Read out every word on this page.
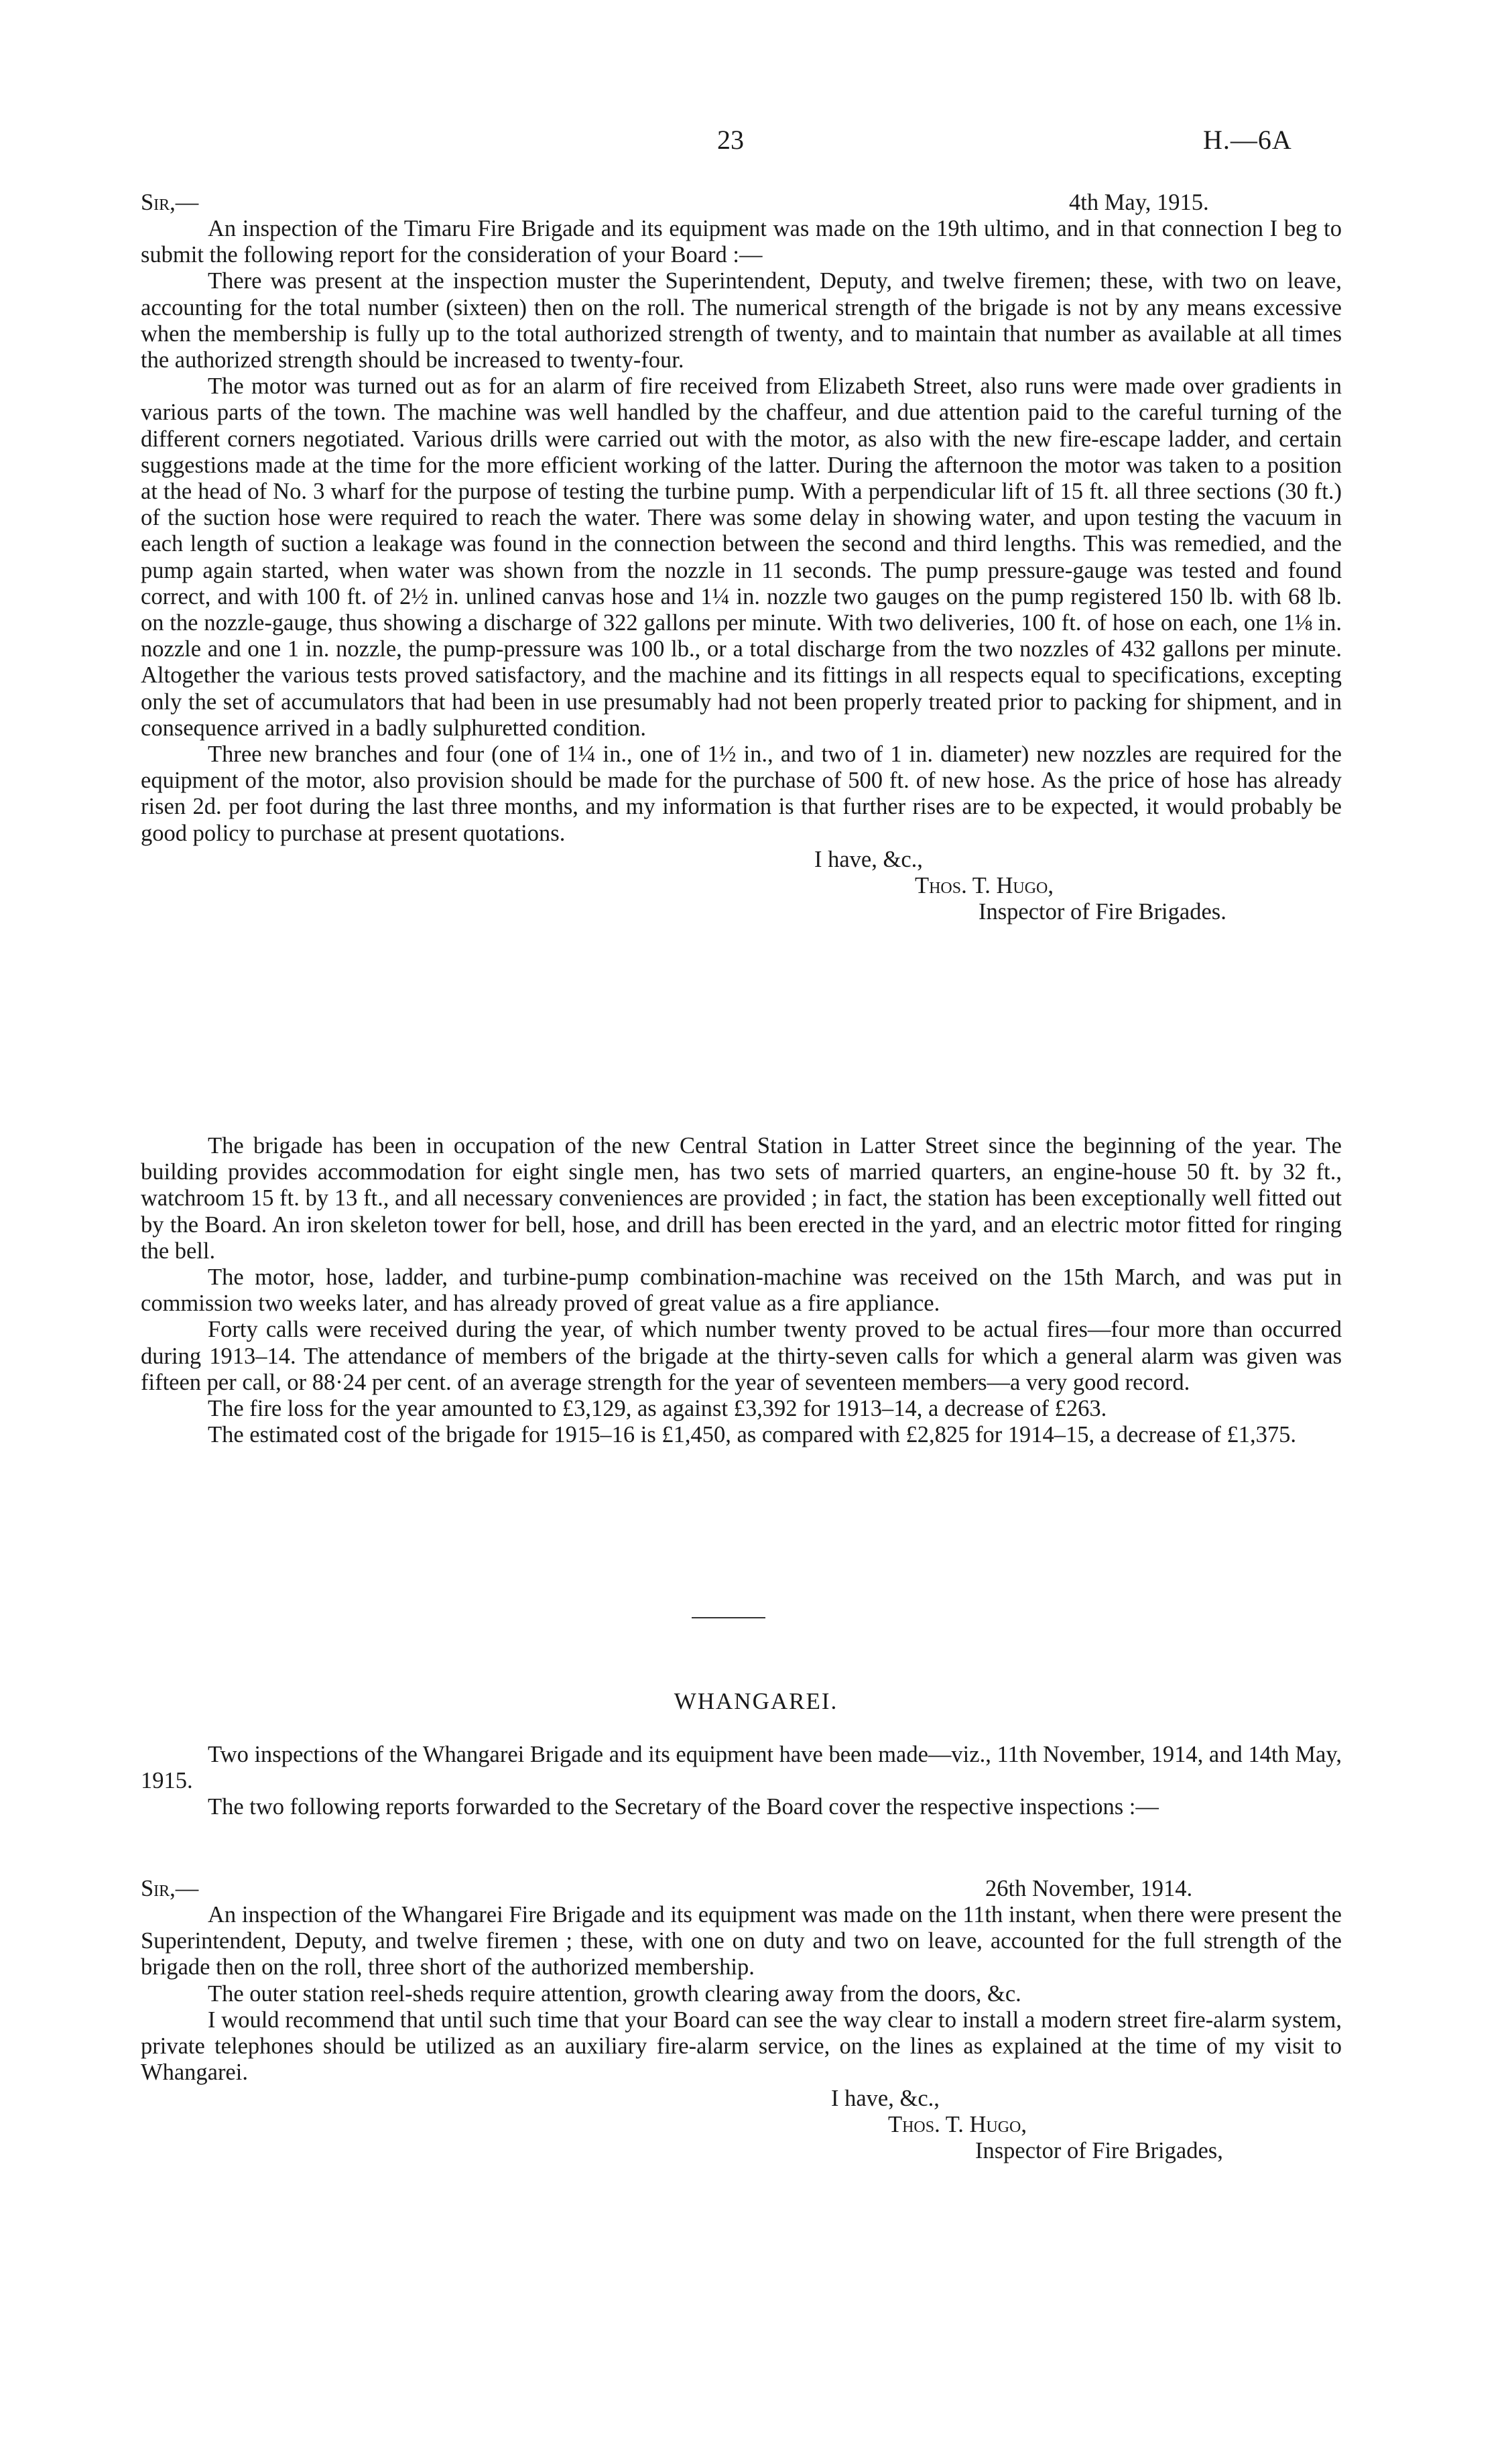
23	H.—6A
Sir,—	4th May, 1915.

An inspection of the Timaru Fire Brigade and its equipment was made on the 19th ultimo, and in that connection I beg to submit the following report for the consideration of your Board :—

There was present at the inspection muster the Superintendent, Deputy, and twelve firemen; these, with two on leave, accounting for the total number (sixteen) then on the roll. The numerical strength of the brigade is not by any means excessive when the membership is fully up to the total authorized strength of twenty, and to maintain that number as available at all times the authorized strength should be increased to twenty-four.

The motor was turned out as for an alarm of fire received from Elizabeth Street, also runs were made over gradients in various parts of the town. The machine was well handled by the chaffeur, and due attention paid to the careful turning of the different corners negotiated. Various drills were carried out with the motor, as also with the new fire-escape ladder, and certain suggestions made at the time for the more efficient working of the latter. During the afternoon the motor was taken to a position at the head of No. 3 wharf for the purpose of testing the turbine pump. With a perpendicular lift of 15 ft. all three sections (30 ft.) of the suction hose were required to reach the water. There was some delay in showing water, and upon testing the vacuum in each length of suction a leakage was found in the connection between the second and third lengths. This was remedied, and the pump again started, when water was shown from the nozzle in 11 seconds. The pump pressure-gauge was tested and found correct, and with 100 ft. of 2½ in. unlined canvas hose and 1¼ in. nozzle two gauges on the pump registered 150 lb. with 68 lb. on the nozzle-gauge, thus showing a discharge of 322 gallons per minute. With two deliveries, 100 ft. of hose on each, one 1⅛ in. nozzle and one 1 in. nozzle, the pump-pressure was 100 lb., or a total discharge from the two nozzles of 432 gallons per minute. Altogether the various tests proved satisfactory, and the machine and its fittings in all respects equal to specifications, excepting only the set of accumulators that had been in use presumably had not been properly treated prior to packing for shipment, and in consequence arrived in a badly sulphuretted condition.

Three new branches and four (one of 1¼ in., one of 1½ in., and two of 1 in. diameter) new nozzles are required for the equipment of the motor, also provision should be made for the purchase of 500 ft. of new hose. As the price of hose has already risen 2d. per foot during the last three months, and my information is that further rises are to be expected, it would probably be good policy to purchase at present quotations.

I have, &c.,
Thos. T. Hugo,
Inspector of Fire Brigades.

The brigade has been in occupation of the new Central Station in Latter Street since the beginning of the year. The building provides accommodation for eight single men, has two sets of married quarters, an engine-house 50 ft. by 32 ft., watchroom 15 ft. by 13 ft., and all necessary conveniences are provided ; in fact, the station has been exceptionally well fitted out by the Board. An iron skeleton tower for bell, hose, and drill has been erected in the yard, and an electric motor fitted for ringing the bell.

The motor, hose, ladder, and turbine-pump combination-machine was received on the 15th March, and was put in commission two weeks later, and has already proved of great value as a fire appliance.

Forty calls were received during the year, of which number twenty proved to be actual fires—four more than occurred during 1913–14. The attendance of members of the brigade at the thirty-seven calls for which a general alarm was given was fifteen per call, or 88·24 per cent. of an average strength for the year of seventeen members—a very good record.

The fire loss for the year amounted to £3,129, as against £3,392 for 1913–14, a decrease of £263.

The estimated cost of the brigade for 1915–16 is £1,450, as compared with £2,825 for 1914–15, a decrease of £1,375.

WHANGAREI.

Two inspections of the Whangarei Brigade and its equipment have been made—viz., 11th November, 1914, and 14th May, 1915.

The two following reports forwarded to the Secretary of the Board cover the respective inspections :—

Sir,—	26th November, 1914.

An inspection of the Whangarei Fire Brigade and its equipment was made on the 11th instant, when there were present the Superintendent, Deputy, and twelve firemen ; these, with one on duty and two on leave, accounted for the full strength of the brigade then on the roll, three short of the authorized membership.

The outer station reel-sheds require attention, growth clearing away from the doors, &c.

I would recommend that until such time that your Board can see the way clear to install a modern street fire-alarm system, private telephones should be utilized as an auxiliary fire-alarm service, on the lines as explained at the time of my visit to Whangarei.

I have, &c.,
Thos. T. Hugo,
Inspector of Fire Brigades,
